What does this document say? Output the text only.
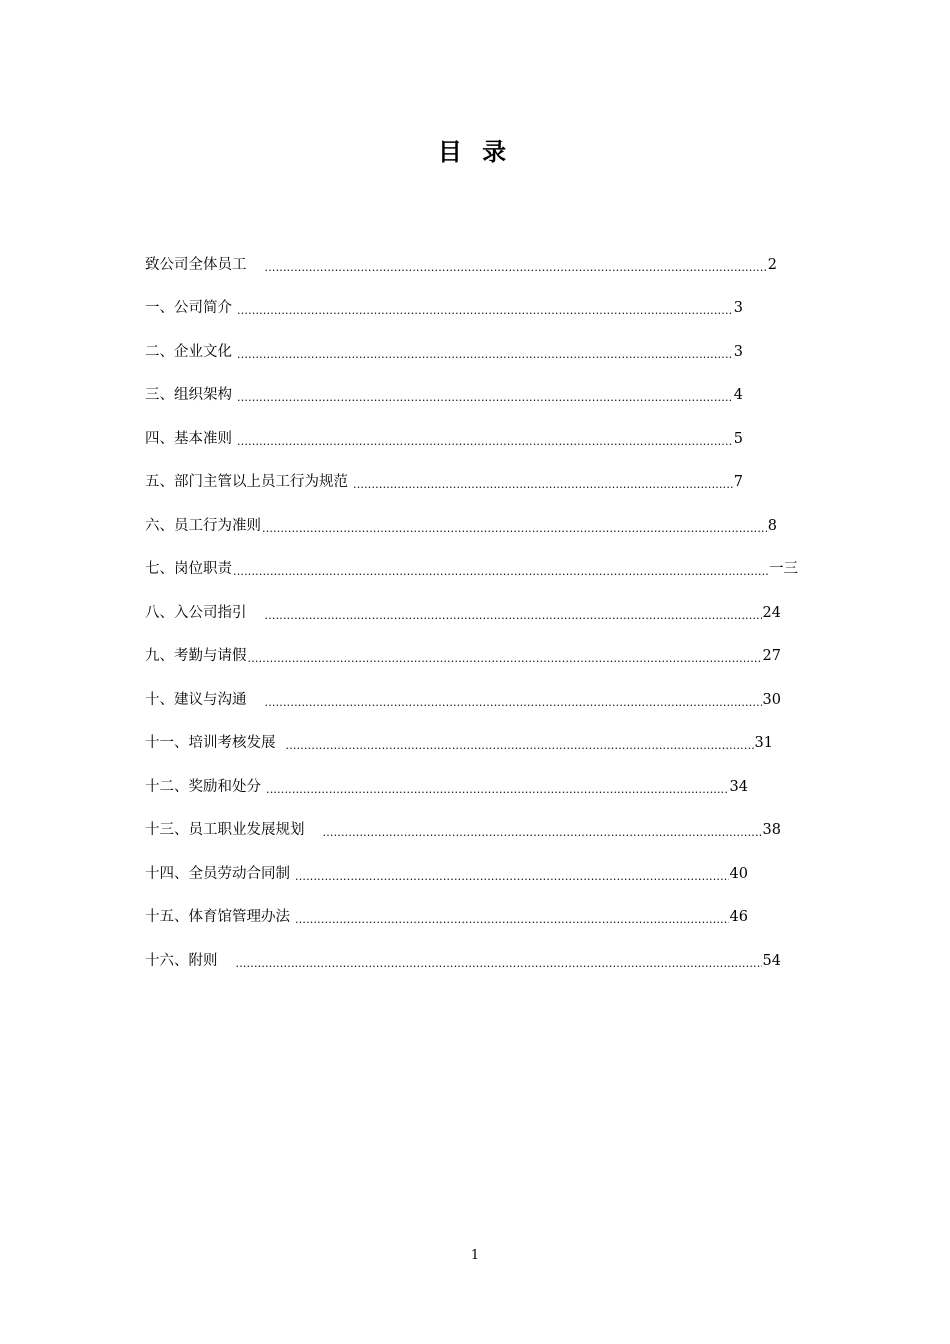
目 录
致公司全体员工 .....	2
一、公司简介 .....	3
二、企业文化 .....	3
三、组织架构 .....	4
四、基本准则 .....	5
五、部门主管以上员工行为规范 .....	7
六、员工行为准则 .....	8
七、岗位职责 .....	一三
八、入公司指引 .....	24
九、考勤与请假 .....	27
十、建议与沟通 .....	30
十一、培训考核发展 .....	31
十二、奖励和处分 .....	34
十三、员工职业发展规划 .....	38
十四、全员劳动合同制 .....	40
十五、体育馆管理办法 .....	46
十六、附则 .....	54
1
